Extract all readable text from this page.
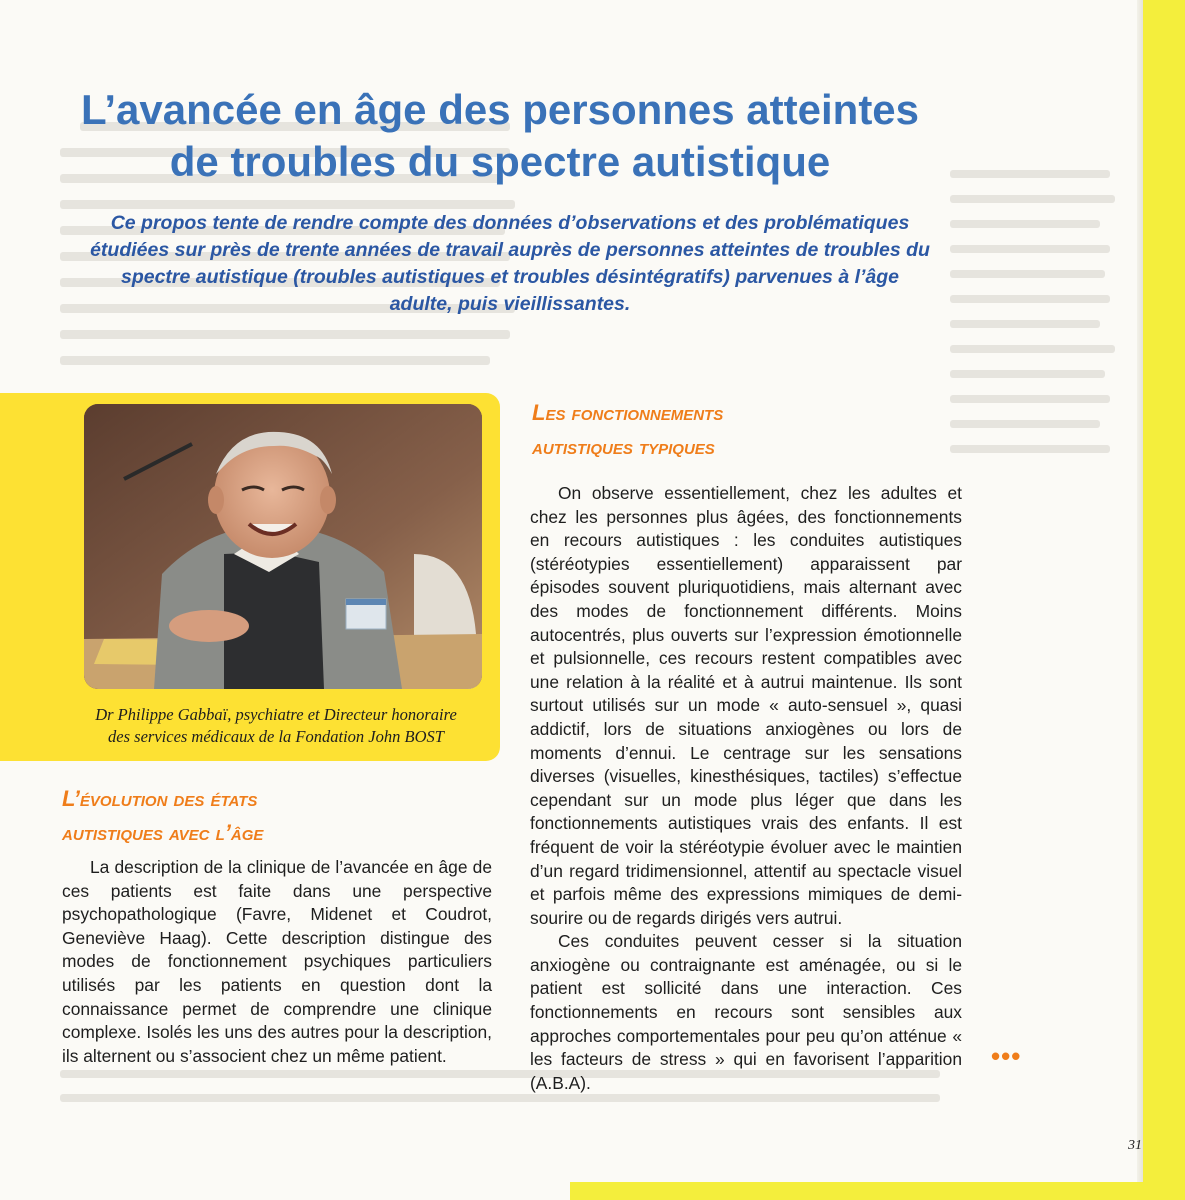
L’avancée en âge des personnes atteintes
de troubles du spectre autistique

Ce propos tente de rendre compte des données d’observations et des problématiques étudiées sur près de trente années de travail auprès de personnes atteintes de troubles du spectre autistique (troubles autistiques et troubles désintégratifs) parvenues à l’âge adulte, puis vieillissantes.

Dr Philippe Gabbaï, psychiatre et Directeur honoraire
des services médicaux de la Fondation John BOST

L’évolution des états
autistiques avec l’âge

La description de la clinique de l’avancée en âge de ces patients est faite dans une perspective psychopathologique (Favre, Midenet et Coudrot, Geneviève Haag). Cette description distingue des modes de fonctionnement psychiques particuliers utilisés par les patients en question dont la connaissance permet de comprendre une clinique complexe. Isolés les uns des autres pour la description, ils alternent ou s’associent chez un même patient.

Les fonctionnements
autistiques typiques

On observe essentiellement, chez les adultes et chez les personnes plus âgées, des fonctionnements en recours autistiques : les conduites autistiques (stéréotypies essentiellement) apparaissent par épisodes souvent pluriquotidiens, mais alternant avec des modes de fonctionnement différents. Moins autocentrés, plus ouverts sur l’expression émotionnelle et pulsionnelle, ces recours restent compatibles avec une relation à la réalité et à autrui maintenue. Ils sont surtout utilisés sur un mode « auto-sensuel », quasi addictif, lors de situations anxiogènes ou lors de moments d’ennui. Le centrage sur les sensations diverses (visuelles, kinesthésiques, tactiles) s’effectue cependant sur un mode plus léger que dans les fonctionnements autistiques vrais des enfants. Il est fréquent de voir la stéréotypie évoluer avec le maintien d’un regard tridimensionnel, attentif au spectacle visuel et parfois même des expressions mimiques de demi-sourire ou de regards dirigés vers autrui.

Ces conduites peuvent cesser si la situation anxiogène ou contraignante est aménagée, ou si le patient est sollicité dans une interaction. Ces fonctionnements en recours sont sensibles aux approches comportementales pour peu qu’on atténue « les facteurs de stress » qui en favorisent l’apparition (A.B.A).

•••
31
